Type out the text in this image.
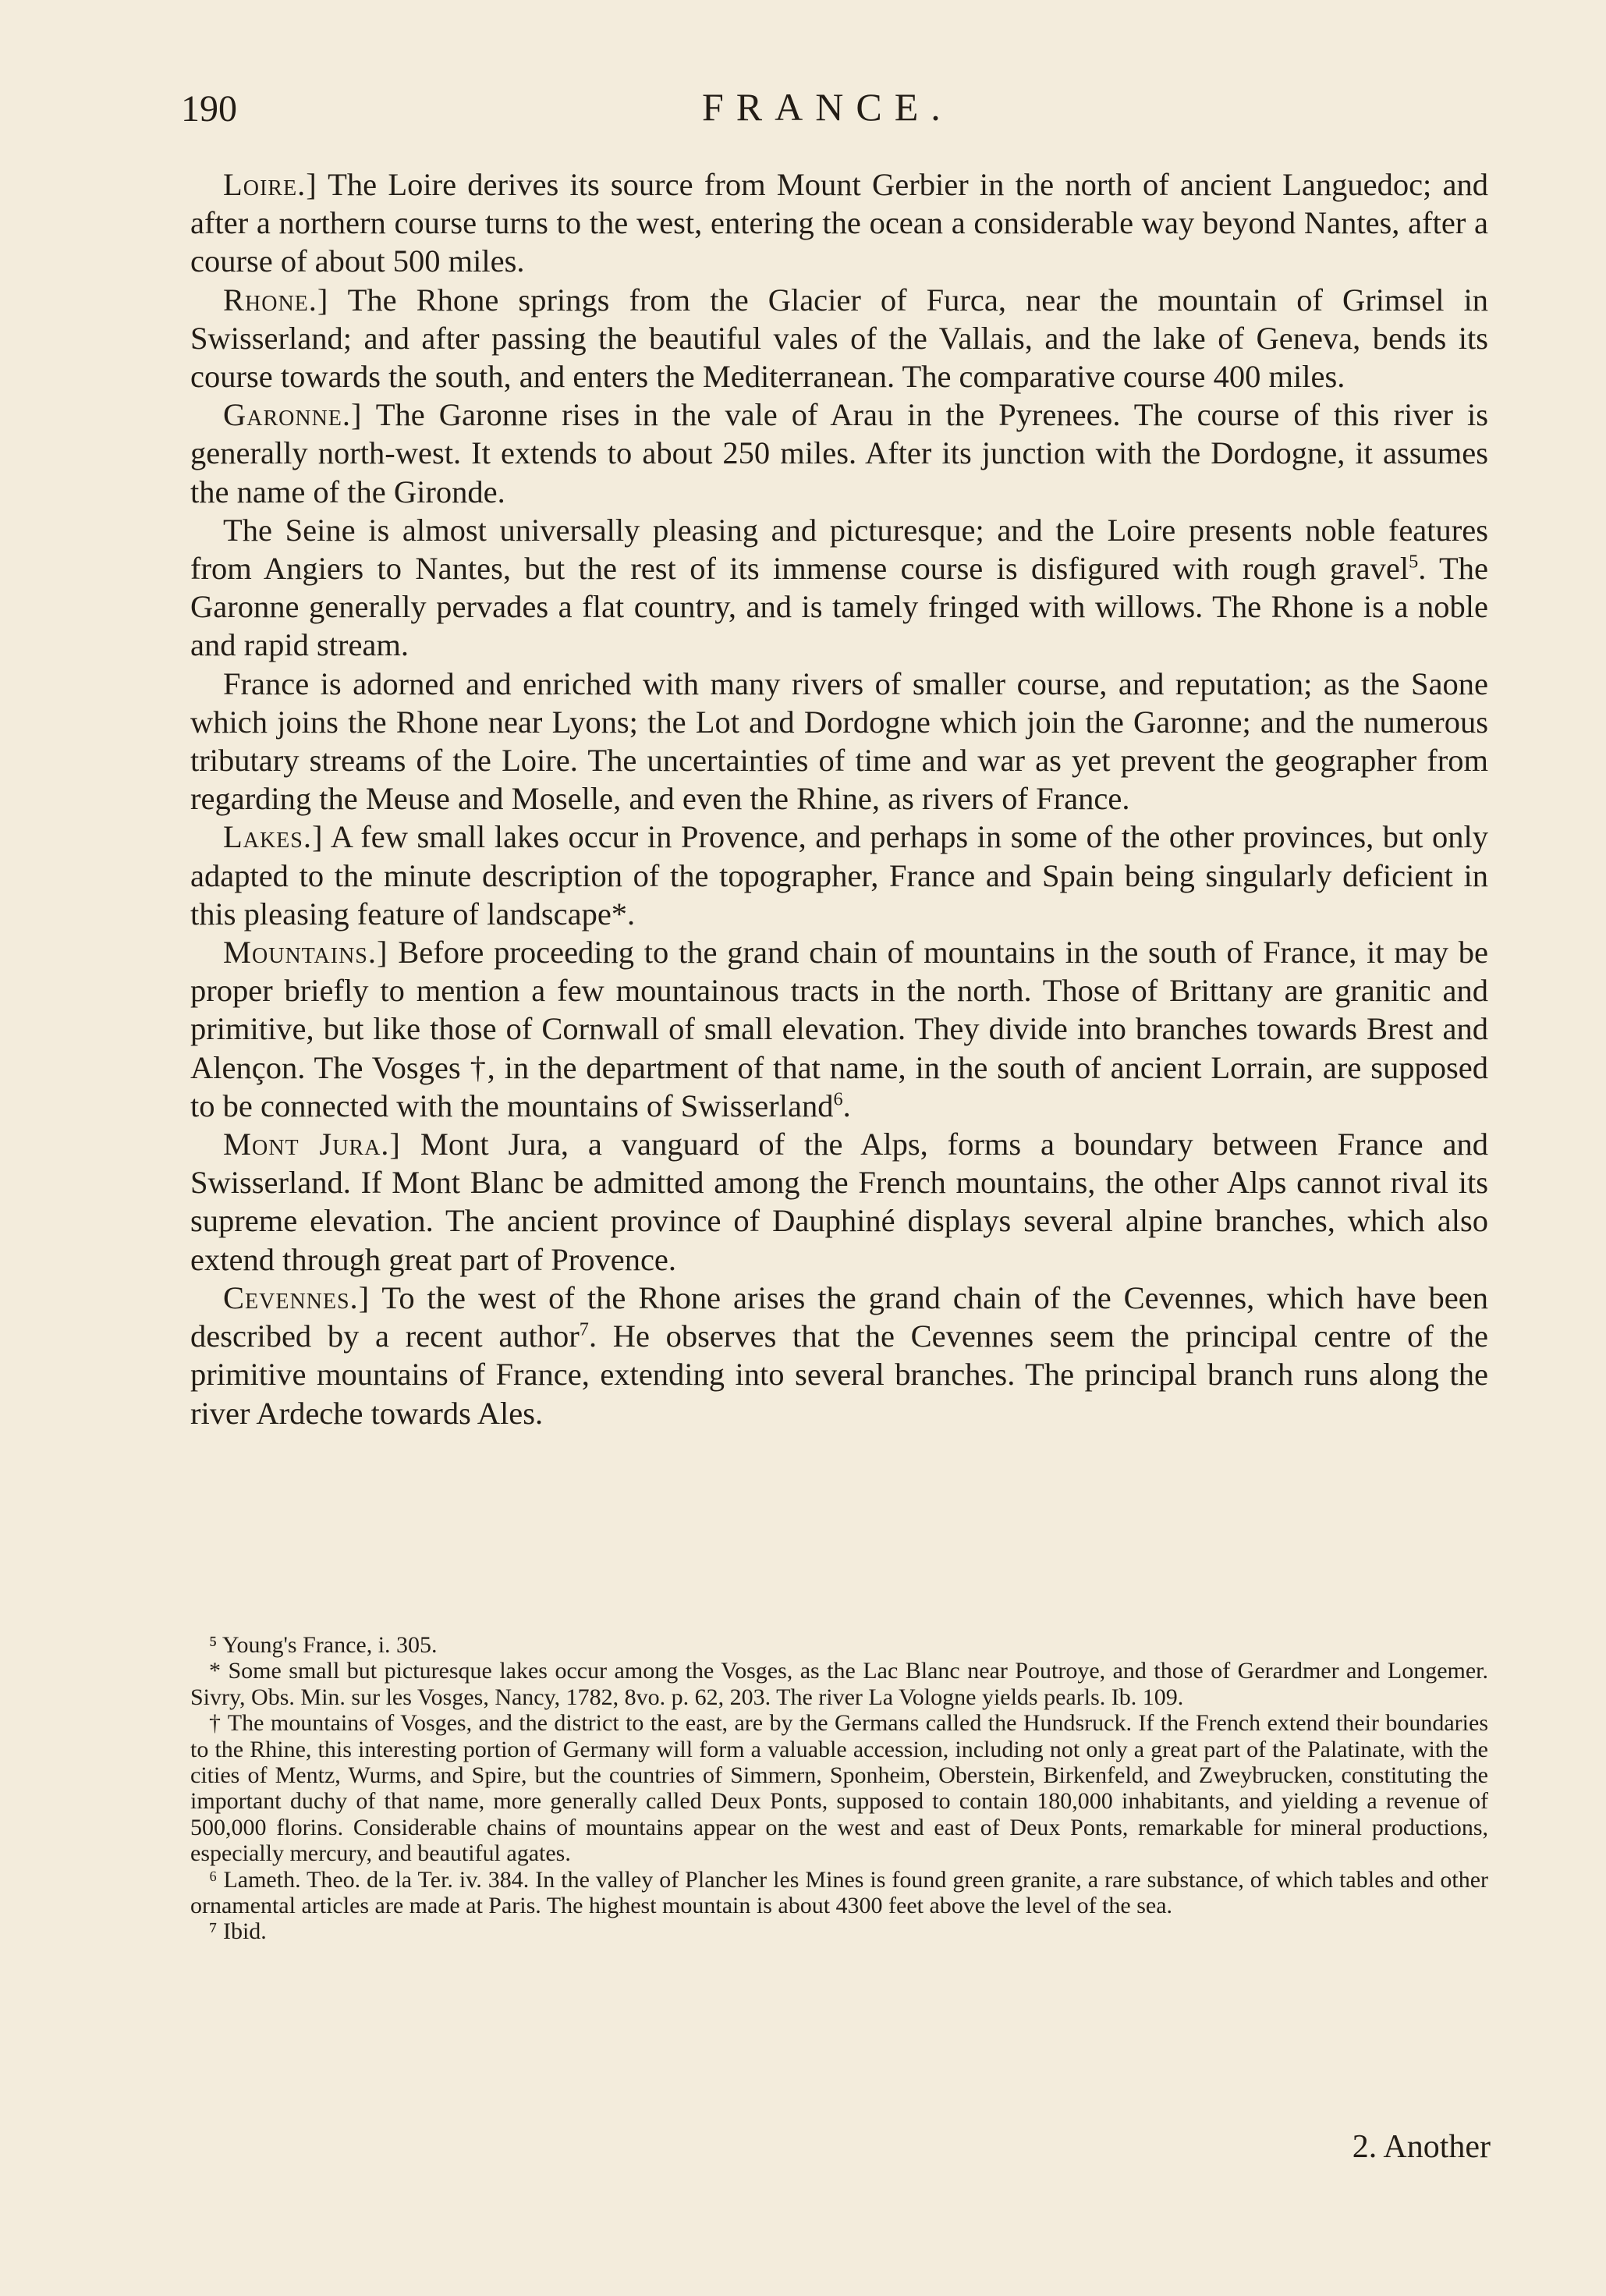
190	FRANCE.

Loire.] The Loire derives its source from Mount Gerbier in the north of ancient Languedoc; and after a northern course turns to the west, entering the ocean a considerable way beyond Nantes, after a course of about 500 miles.

Rhone.] The Rhone springs from the Glacier of Furca, near the mountain of Grimsel in Swisserland; and after passing the beautiful vales of the Vallais, and the lake of Geneva, bends its course towards the south, and enters the Mediterranean. The comparative course 400 miles.

Garonne.] The Garonne rises in the vale of Arau in the Pyrenees. The course of this river is generally north-west. It extends to about 250 miles. After its junction with the Dordogne, it assumes the name of the Gironde.

The Seine is almost universally pleasing and picturesque; and the Loire presents noble features from Angiers to Nantes, but the rest of its immense course is disfigured with rough gravel$^5$. The Garonne generally pervades a flat country, and is tamely fringed with willows. The Rhone is a noble and rapid stream.

France is adorned and enriched with many rivers of smaller course, and reputation; as the Saone which joins the Rhone near Lyons; the Lot and Dordogne which join the Garonne; and the numerous tributary streams of the Loire. The uncertainties of time and war as yet prevent the geographer from regarding the Meuse and Moselle, and even the Rhine, as rivers of France.

Lakes.] A few small lakes occur in Provence, and perhaps in some of the other provinces, but only adapted to the minute description of the topographer, France and Spain being singularly deficient in this pleasing feature of landscape*.

Mountains.] Before proceeding to the grand chain of mountains in the south of France, it may be proper briefly to mention a few mountainous tracts in the north. Those of Brittany are granitic and primitive, but like those of Cornwall of small elevation. They divide into branches towards Brest and Alençon. The Vosges †, in the department of that name, in the south of ancient Lorrain, are supposed to be connected with the mountains of Swisserland$^6$.

Mont Jura.] Mont Jura, a vanguard of the Alps, forms a boundary between France and Swisserland. If Mont Blanc be admitted among the French mountains, the other Alps cannot rival its supreme elevation. The ancient province of Dauphiné displays several alpine branches, which also extend through great part of Provence.

Cevennes.] To the west of the Rhone arises the grand chain of the Cevennes, which have been described by a recent author$^7$. He observes that the Cevennes seem the principal centre of the primitive mountains of France, extending into several branches. The principal branch runs along the river Ardeche towards Ales.

⁵ Young's France, i. 305.

* Some small but picturesque lakes occur among the Vosges, as the Lac Blanc near Poutroye, and those of Gerardmer and Longemer. Sivry, Obs. Min. sur les Vosges, Nancy, 1782, 8vo. p. 62, 203. The river La Vologne yields pearls. Ib. 109.

† The mountains of Vosges, and the district to the east, are by the Germans called the Hundsruck. If the French extend their boundaries to the Rhine, this interesting portion of Germany will form a valuable accession, including not only a great part of the Palatinate, with the cities of Mentz, Wurms, and Spire, but the countries of Simmern, Sponheim, Oberstein, Birkenfeld, and Zweybrucken, constituting the important duchy of that name, more generally called Deux Ponts, supposed to contain 180,000 inhabitants, and yielding a revenue of 500,000 florins. Considerable chains of mountains appear on the west and east of Deux Ponts, remarkable for mineral productions, especially mercury, and beautiful agates.

⁶ Lameth. Theo. de la Ter. iv. 384. In the valley of Plancher les Mines is found green granite, a rare substance, of which tables and other ornamental articles are made at Paris. The highest mountain is about 4300 feet above the level of the sea.

⁷ Ibid.

2. Another
